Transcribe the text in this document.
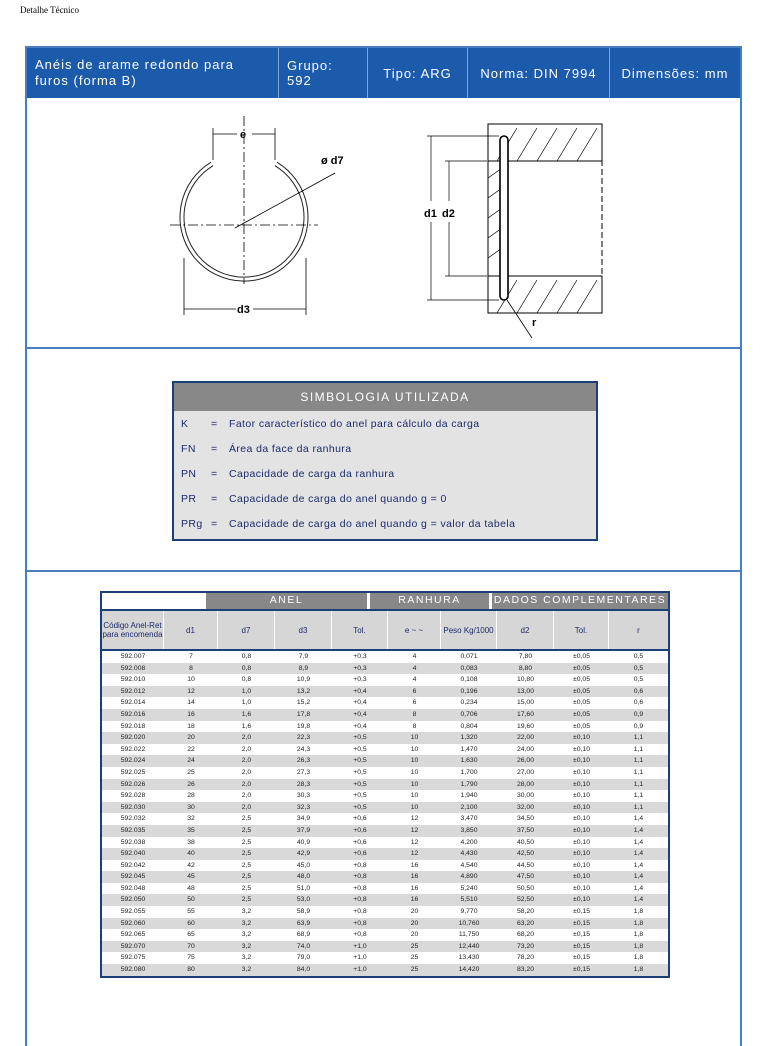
Detalhe Técnico
Anéis de arame redondo para furos (forma B)
Grupo: 592	Tipo: ARG	Norma: DIN 7994	Dimensões: mm
e
ø d7
d3
d1 d2
r
SIMBOLOGIA UTILIZADA
K	=	Fator característico do anel para cálculo da carga
FN	=	Área da face da ranhura
PN	=	Capacidade de carga da ranhura
PR	=	Capacidade de carga do anel quando g = 0
PRg =	Capacidade de carga do anel quando g = valor da tabela
ANEL	RANHURA	DADOS COMPLEMENTARES
Código Anel-Ret para encomenda	d1	d7	d3	Tol.	e ~ ~	Peso Kg/1000	d2	Tol.	r
592.007	7	0,8	7,9	+0,3	4	0,071	7,80	±0,05	0,5
592.008	8	0,8	8,9	+0,3	4	0,083	8,80	±0,05	0,5
592.010	10	0,8	10,9	+0,3	4	0,108	10,80	±0,05	0,5
592.012	12	1,0	13,2	+0,4	6	0,196	13,00	±0,05	0,6
592.014	14	1,0	15,2	+0,4	6	0,234	15,00	±0,05	0,6
592.016	16	1,6	17,8	+0,4	8	0,706	17,60	±0,05	0,9
592.018	18	1,6	19,8	+0,4	8	0,804	19,60	±0,05	0,9
592.020	20	2,0	22,3	+0,5	10	1,320	22,00	±0,10	1,1
592.022	22	2,0	24,3	+0,5	10	1,470	24,00	±0,10	1,1
592.024	24	2,0	26,3	+0,5	10	1,630	26,00	±0,10	1,1
592.025	25	2,0	27,3	+0,5	10	1,700	27,00	±0,10	1,1
592.026	26	2,0	28,3	+0,5	10	1,790	28,00	±0,10	1,1
592.028	28	2,0	30,3	+0,5	10	1,940	30,00	±0,10	1,1
592.030	30	2,0	32,3	+0,5	10	2,100	32,00	±0,10	1,1
592.032	32	2,5	34,9	+0,6	12	3,470	34,50	±0,10	1,4
592.035	35	2,5	37,9	+0,6	12	3,850	37,50	±0,10	1,4
592.038	38	2,5	40,9	+0,6	12	4,200	40,50	±0,10	1,4
592.040	40	2,5	42,9	+0,6	12	4,430	42,50	±0,10	1,4
592.042	42	2,5	45,0	+0,8	16	4,540	44,50	±0,10	1,4
592.045	45	2,5	48,0	+0,8	16	4,890	47,50	±0,10	1,4
592.048	48	2,5	51,0	+0,8	16	5,240	50,50	±0,10	1,4
592.050	50	2,5	53,0	+0,8	16	5,510	52,50	±0,10	1,4
592.055	55	3,2	58,9	+0,8	20	9,770	58,20	±0,15	1,8
592.060	60	3,2	63,9	+0,8	20	10,760	63,20	±0,15	1,8
592.065	65	3,2	68,9	+0,8	20	11,750	68,20	±0,15	1,8
592.070	70	3,2	74,0	+1,0	25	12,440	73,20	±0,15	1,8
592.075	75	3,2	79,0	+1,0	25	13,430	78,20	±0,15	1,8
592.080	80	3,2	84,0	+1,0	25	14,420	83,20	±0,15	1,8
